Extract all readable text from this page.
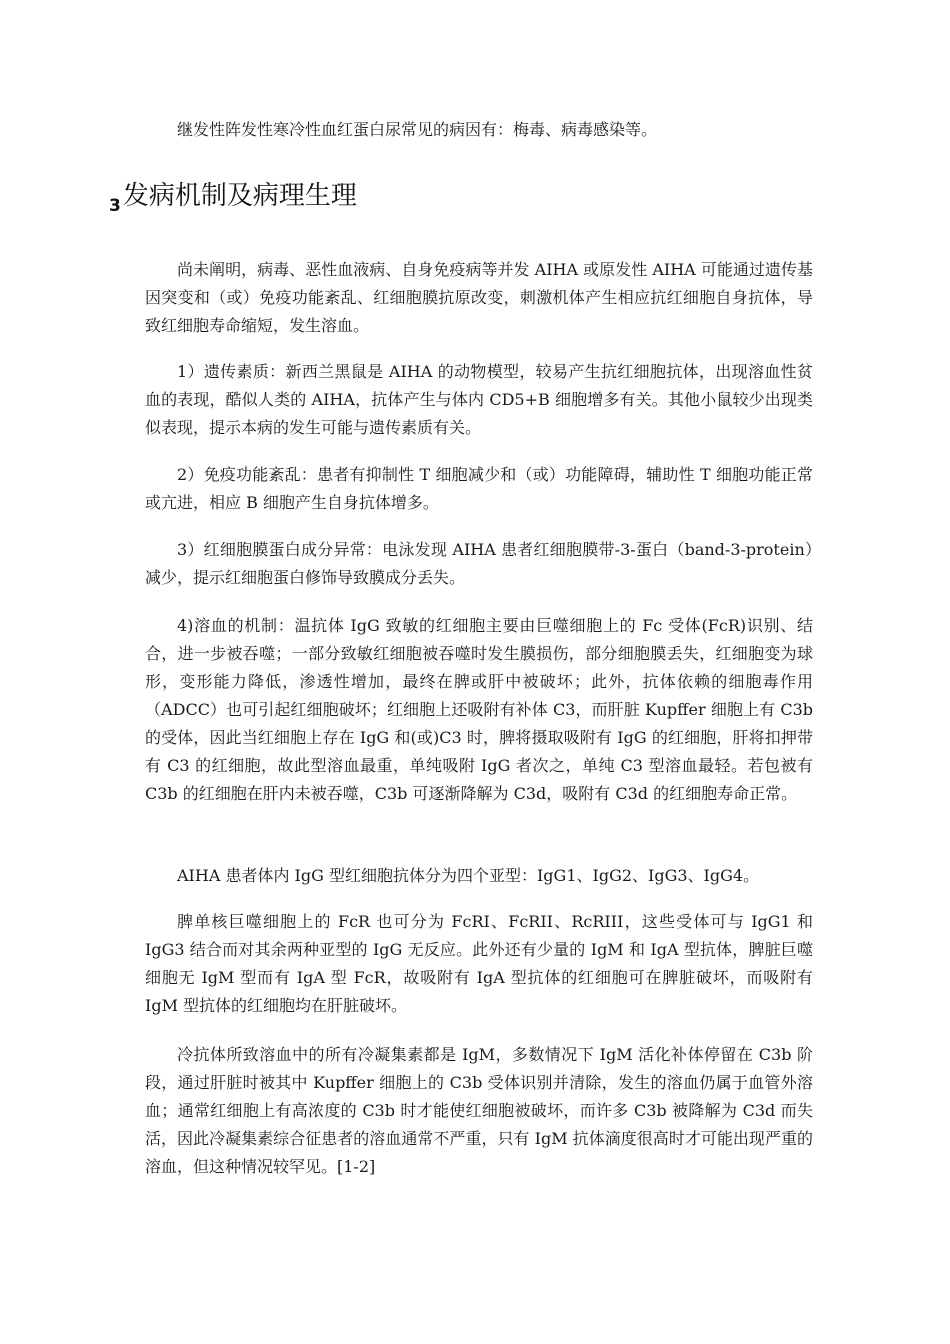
继发性阵发性寒冷性血红蛋白尿常见的病因有：梅毒、病毒感染等。

$_3$发病机制及病理生理

尚未阐明，病毒、恶性血液病、自身免疫病等并发 AIHA 或原发性 AIHA 可能通过遗传基因突变和（或）免疫功能紊乱、红细胞膜抗原改变，刺激机体产生相应抗红细胞自身抗体，导致红细胞寿命缩短，发生溶血。

1）遗传素质：新西兰黑鼠是 AIHA 的动物模型，较易产生抗红细胞抗体，出现溶血性贫血的表现，酷似人类的 AIHA，抗体产生与体内 CD5+B 细胞增多有关。其他小鼠较少出现类似表现，提示本病的发生可能与遗传素质有关。

2）免疫功能紊乱：患者有抑制性 T 细胞减少和（或）功能障碍，辅助性 T 细胞功能正常或亢进，相应 B 细胞产生自身抗体增多。

3）红细胞膜蛋白成分异常：电泳发现 AIHA 患者红细胞膜带-3-蛋白（band-3-protein）减少，提示红细胞蛋白修饰导致膜成分丢失。

4)溶血的机制：温抗体 IgG 致敏的红细胞主要由巨噬细胞上的 Fc 受体(FcR)识别、结合，进一步被吞噬；一部分致敏红细胞被吞噬时发生膜损伤，部分细胞膜丢失，红细胞变为球形，变形能力降低，渗透性增加，最终在脾或肝中被破坏；此外，抗体依赖的细胞毒作用（ADCC）也可引起红细胞破坏；红细胞上还吸附有补体 C3，而肝脏 Kupffer 细胞上有 C3b 的受体，因此当红细胞上存在 IgG 和(或)C3 时，脾将摄取吸附有 IgG 的红细胞，肝将扣押带有 C3 的红细胞，故此型溶血最重，单纯吸附 IgG 者次之，单纯 C3 型溶血最轻。若包被有 C3b 的红细胞在肝内未被吞噬，C3b 可逐渐降解为 C3d，吸附有 C3d 的红细胞寿命正常。

AIHA 患者体内 IgG 型红细胞抗体分为四个亚型：IgG1、IgG2、IgG3、IgG4。

脾单核巨噬细胞上的 FcR 也可分为 FcRI、FcRII、RcRIII，这些受体可与 IgG1 和 IgG3 结合而对其余两种亚型的 IgG 无反应。此外还有少量的 IgM 和 IgA 型抗体，脾脏巨噬细胞无 IgM 型而有 IgA 型 FcR，故吸附有 IgA 型抗体的红细胞可在脾脏破坏，而吸附有 IgM 型抗体的红细胞均在肝脏破坏。

冷抗体所致溶血中的所有冷凝集素都是 IgM，多数情况下 IgM 活化补体停留在 C3b 阶段，通过肝脏时被其中 Kupffer 细胞上的 C3b 受体识别并清除，发生的溶血仍属于血管外溶血；通常红细胞上有高浓度的 C3b 时才能使红细胞被破坏，而许多 C3b 被降解为 C3d 而失活，因此冷凝集素综合征患者的溶血通常不严重，只有 IgM 抗体滴度很高时才可能出现严重的溶血，但这种情况较罕见。[1-2]
